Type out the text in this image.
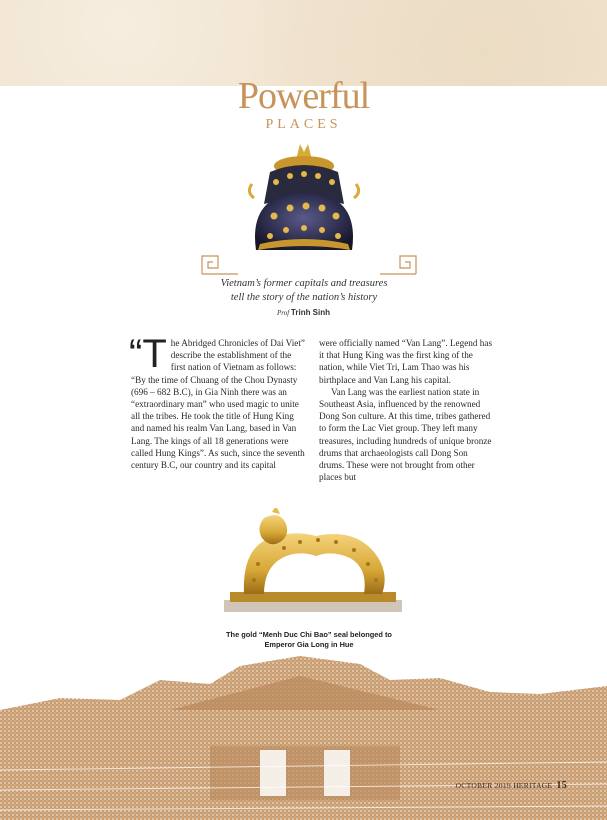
Powerful
PLACES
Vietnam’s former capitals and treasures
tell the story of the nation’s history
Prof Trinh Sinh
“T he Abridged Chronicles of Dai Viet” describe the establishment of the first nation of Vietnam as follows: “By the time of Chuang of the Chou Dynasty (696 – 682 B.C), in Gia Ninh there was an “extraordinary man” who used magic to unite all the tribes. He took the title of Hung King and named his realm Van Lang, based in Van Lang. The kings of all 18 generations were called Hung Kings”. As such, since the seventh century B.C, our country and its capital

were officially named “Van Lang”. Legend has it that Hung King was the first king of the nation, while Viet Tri, Lam Thao was his birthplace and Van Lang his capital.

Van Lang was the earliest nation state in Southeast Asia, influenced by the renowned Dong Son culture. At this time, tribes gathered to form the Lac Viet group. They left many treasures, including hundreds of unique bronze drums that archaeologists call Dong Son drums. These were not brought from other places but

The gold “Menh Duc Chi Bao” seal belonged to
Emperor Gia Long in Hue
OCTOBER 2019 HERITAGE 15
